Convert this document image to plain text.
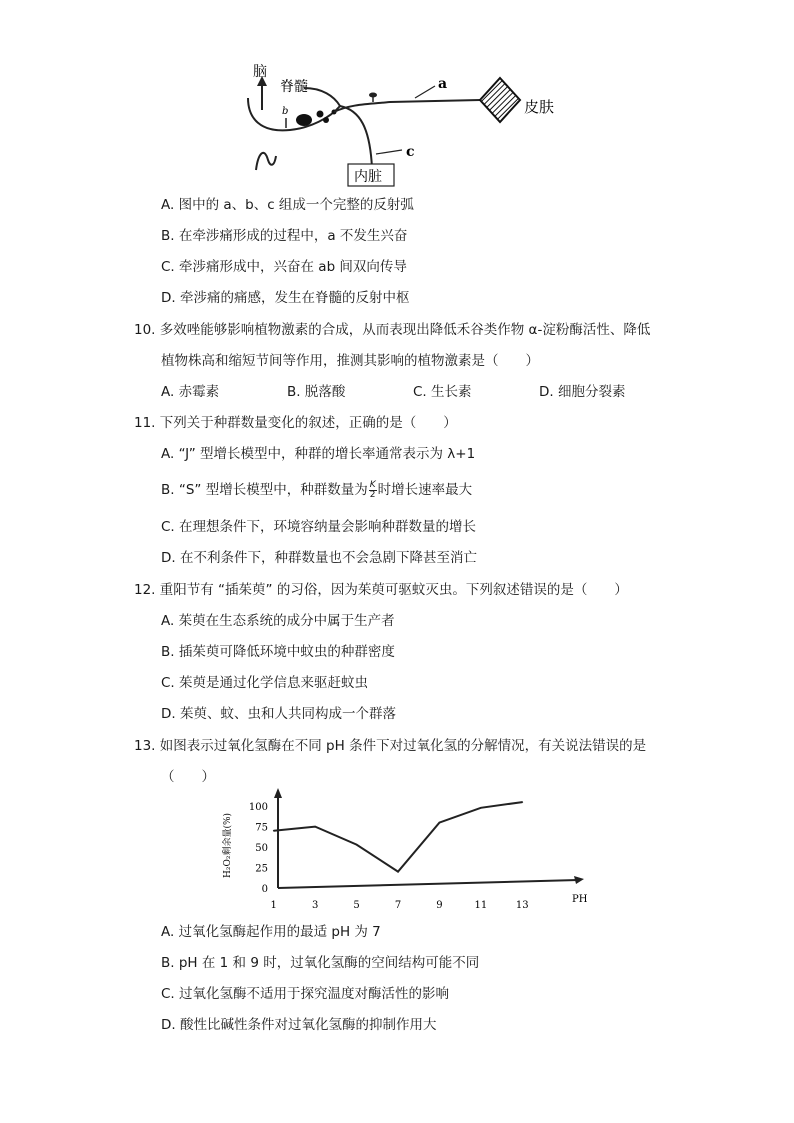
脑
脊髓
b
a
皮肤
c
内脏
A. 图中的 a、b、c 组成一个完整的反射弧
B. 在牵涉痛形成的过程中，a 不发生兴奋
C. 牵涉痛形成中，兴奋在 ab 间双向传导
D. 牵涉痛的痛感，发生在脊髓的反射中枢
10. 多效唑能够影响植物激素的合成，从而表现出降低禾谷类作物 α-淀粉酶活性、降低
植物株高和缩短节间等作用，推测其影响的植物激素是（　　）
A. 赤霉素	B. 脱落酸	C. 生长素	D. 细胞分裂素
11. 下列关于种群数量变化的叙述，正确的是（　　）
A. “J” 型增长模型中，种群的增长率通常表示为 λ+1
B. “S” 型增长模型中，种群数量为 $\frac{K}{2}$ 时增长速率最大
C. 在理想条件下，环境容纳量会影响种群数量的增长
D. 在不利条件下，种群数量也不会急剧下降甚至消亡
12. 重阳节有 “插茱萸” 的习俗，因为茱萸可驱蚊灭虫。下列叙述错误的是（　　）
A. 茱萸在生态系统的成分中属于生产者
B. 插茱萸可降低环境中蚊虫的种群密度
C. 茱萸是通过化学信息来驱赶蚊虫
D. 茱萸、蚊、虫和人共同构成一个群落
13. 如图表示过氧化氢酶在不同 pH 条件下对过氧化氢的分解情况，有关说法错误的是
（　　）
PH
H₂O₂剩余量(%)
0
25
50
75
100
1	3	5	7	9	11	13
A. 过氧化氢酶起作用的最适 pH 为 7
B. pH 在 1 和 9 时，过氧化氢酶的空间结构可能不同
C. 过氧化氢酶不适用于探究温度对酶活性的影响
D. 酸性比碱性条件对过氧化氢酶的抑制作用大
